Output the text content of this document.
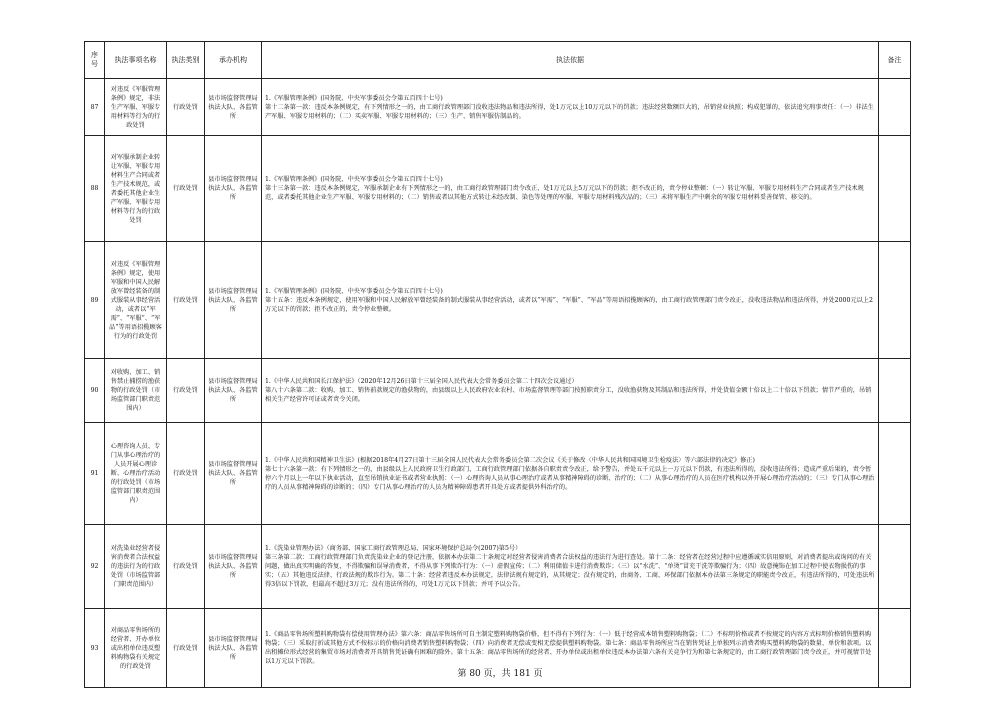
序号	执法事项名称	执法类别	承办机构	执法依据	备注
87	对违反《军服管理条例》规定，非法生产军服、军服专用材料等行为的行政处罚	行政处罚	县市场监督管理局执法大队、各监管所	1.《军服管理条例》(国务院、中央军事委员会令第五百四十七号)
第十二条第一款：违反本条例规定，有下列情形之一的，由工商行政管理部门没收违法物品和违法所得，处1万元以上10万元以下的罚款；违法经营数额巨大的，吊销营业执照；构成犯罪的，依法追究刑事责任：（一）非法生产军服、军服专用材料的；（二）买卖军服、军服专用材料的；（三）生产、销售军服仿制品的。	

88	对军服承制企业转让军服、军服专用材料生产合同或者生产技术规范，或者委托其他企业生产军服、军服专用材料等行为的行政处罚	行政处罚	县市场监督管理局执法大队、各监管所	1.《军服管理条例》(国务院、中央军事委员会令第五百四十七号)
第十三条第一款：违反本条例规定，军服承制企业有下列情形之一的，由工商行政管理部门责令改正，处1万元以上5万元以下的罚款；拒不改正的，责令停业整顿：（一）转让军服、军服专用材料生产合同或者生产技术规范，或者委托其他企业生产军服、军服专用材料的；（二）销售或者以其他方式转让未经改制、染色等处理的军服、军服专用材料残次品的；（三）未将军服生产中剩余的军服专用材料妥善保管、移交的。	

89	对违反《军服管理条例》规定，使用军服和中国人民解放军曾经装备的制式服装从事经营活动，或者以“军需”、“军服”、“军品”等用语招揽顾客行为的行政处罚	行政处罚	县市场监督管理局执法大队、各监管所	1.《军服管理条例》(国务院、中央军事委员会令第五百四十七号)
第十五条：违反本条例规定，使用军服和中国人民解放军曾经装备的制式服装从事经营活动，或者以“军需”、“军服”、“军品”等用语招揽顾客的，由工商行政管理部门责令改正，没收违法物品和违法所得，并处2000元以上2万元以下的罚款；拒不改正的，责令停业整顿。	

90	对收购、加工、销售禁止捕捞的渔获物的行政处罚（市场监管部门职责范围内）	行政处罚	县市场监督管理局执法大队、各监管所	1.《中华人民共和国长江保护法》（2020年12月26日第十三届全国人民代表大会常务委员会第二十四次会议通过）
第八十六条第二款：收购、加工、销售前款规定的渔获物的，由县级以上人民政府农业农村、市场监督管理等部门按照职责分工，没收渔获物及其制品和违法所得，并处货值金额十倍以上二十倍以下罚款；情节严重的，吊销相关生产经营许可证或者责令关闭。	

91	心理咨询人员、专门从事心理治疗的人员开展心理诊断、心理治疗活动的行政处罚（市场监管部门职责范围内）	行政处罚	县市场监督管理局执法大队、各监管所	1.《中华人民共和国精神卫生法》(根据2018年4月27日第十三届全国人民代表大会常务委员会第二次会议《关于修改〈中华人民共和国国境卫生检疫法〉等六部法律的决定》修正)
第七十六条第一款：有下列情形之一的，由县级以上人民政府卫生行政部门、工商行政管理部门依据各自职责责令改正，给予警告，并处五千元以上一万元以下罚款，有违法所得的，没收违法所得；造成严重后果的，责令暂停六个月以上一年以下执业活动，直至吊销执业证书或者营业执照：（一）心理咨询人员从事心理治疗或者从事精神障碍的诊断、治疗的；（二）从事心理治疗的人员在医疗机构以外开展心理治疗活动的；（三）专门从事心理治疗的人员从事精神障碍的诊断的；（四）专门从事心理治疗的人员为精神障碍患者开具处方或者提供外科治疗的。	

92	对洗染业经营者侵害消费者合法权益的违法行为的行政处罚（市场监管部门职责范围内）	行政处罚	县市场监督管理局执法大队、各监管所	1.《洗染业管理办法》（商务部、国家工商行政管理总局、国家环境保护总局令(2007)第5号）
第三条第二款：工商行政管理部门负责洗染业企业的登记注册，依据本办法第二十条规定对经营者侵害消费者合法权益的违法行为进行查处。第十二条：经营者在经营过程中应遵循诚实信用原则，对消费者提出或询问的有关问题，做出真实明确的答复，不得欺骗和误导消费者，不得从事下列欺诈行为：（一）虚假宣传；（二）利用储值卡进行消费欺诈；（三）以“水洗”、“单烫”冒充干洗等欺骗行为；（四）故意掩饰在加工过程中使衣物损伤的事实；（五）其他违反法律、行政法规的欺诈行为。第二十条：经营者违反本办法规定，法律法规有规定的，从其规定；没有规定的，由商务、工商、环保部门依据本办法第三条规定的职能责令改正，有违法所得的，可处违法所得3倍以下罚款，但最高不超过3万元；没有违法所得的，可处1万元以下罚款；并可予以公告。	

93	对商品零售场所的经营者、开办单位或出租单位违反塑料购物袋有关规定的行政处罚	行政处罚	县市场监督管理局执法大队、各监管所	1.《商品零售场所塑料购物袋有偿使用管理办法》第六条：商品零售场所可自主制定塑料购物袋价格，但不得有下列行为：（一）低于经营成本销售塑料购物袋；（二）不标明价格或者不按规定的内容方式标明价格销售塑料购物袋；（三）采取打折或其他方式不按标示的价格向消费者销售塑料购物袋；（四）向消费者无偿或变相无偿提供塑料购物袋。第七条：商品零售场所应当在销售凭证上单独列示消费者购买塑料购物袋的数量、单价和款项。以出租摊位形式经营的集贸市场对消费者开具销售凭证确有困难的除外。第十五条：商品零售场所的经营者、开办单位或出租单位违反本办法第六条有关竞争行为和第七条规定的，由工商行政管理部门责令改正，并可视情节处以1万元以下罚款。	

第 80 页，共 181 页
